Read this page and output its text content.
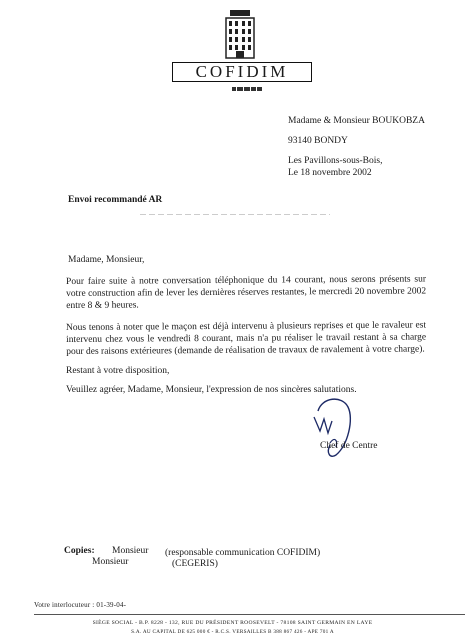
COFIDIM
Madame & Monsieur BOUKOBZA
93140 BONDY
Les Pavillons-sous-Bois,
Le 18 novembre 2002
Envoi recommandé AR
Madame, Monsieur,
Pour faire suite à notre conversation téléphonique du 14 courant, nous serons présents sur votre construction afin de lever les dernières réserves restantes, le mercredi 20 novembre 2002 entre 8 & 9 heures.
Nous tenons à noter que le maçon est déjà intervenu à plusieurs reprises et que le ravaleur est intervenu chez vous le vendredi 8 courant, mais n'a pu réaliser le travail restant à sa charge pour des raisons extérieures (demande de réalisation de travaux de ravalement à votre charge).
Restant à votre disposition,
Veuillez agréer, Madame, Monsieur, l'expression de nos sincères salutations.
Chef de Centre
Copies: Monsieur
Monsieur
(responsable communication COFIDIM)
(CEGERIS)
Votre interlocuteur : 01-39-04-
SIÈGE SOCIAL - B.P. 8228 - 132, RUE DU PRÉSIDENT ROOSEVELT - 78108 SAINT GERMAIN EN LAYE
S.A. AU CAPITAL DE 625 000 € - R.C.S. VERSAILLES B 388 867 426 - APE 701 A
